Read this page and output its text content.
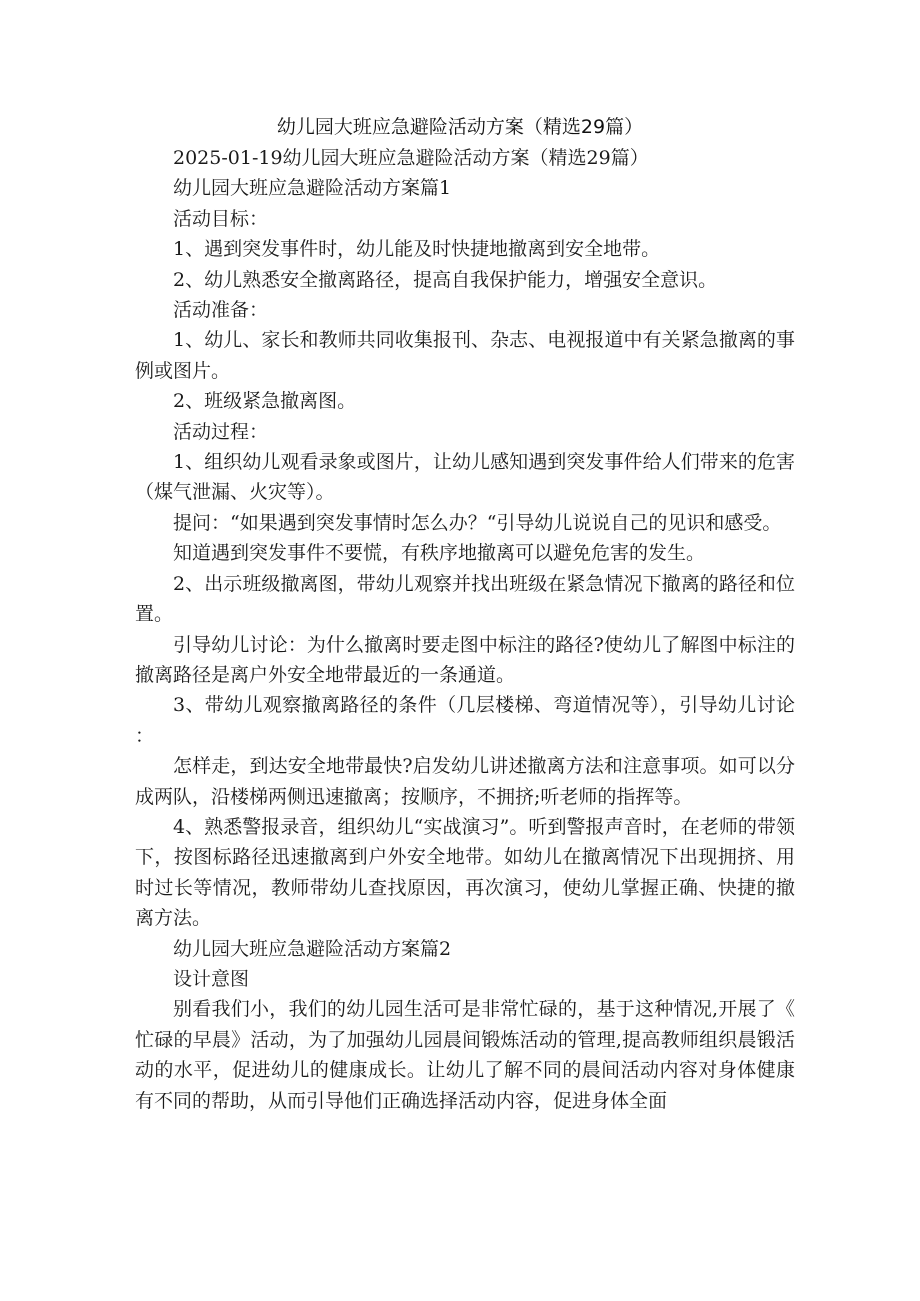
幼儿园大班应急避险活动方案（精选29篇）

2025-01-19幼儿园大班应急避险活动方案（精选29篇）

幼儿园大班应急避险活动方案篇1

活动目标：

1、遇到突发事件时，幼儿能及时快捷地撤离到安全地带。

2、幼儿熟悉安全撤离路径，提高自我保护能力，增强安全意识。

活动准备：

1、幼儿、家长和教师共同收集报刊、杂志、电视报道中有关紧急撤离的事例或图片。

2、班级紧急撤离图。

活动过程：

1、组织幼儿观看录象或图片，让幼儿感知遇到突发事件给人们带来的危害（煤气泄漏、火灾等）。

提问：“如果遇到突发事情时怎么办？“引导幼儿说说自己的见识和感受。

知道遇到突发事件不要慌，有秩序地撤离可以避免危害的发生。

2、出示班级撤离图，带幼儿观察并找出班级在紧急情况下撤离的路径和位置。

引导幼儿讨论：为什么撤离时要走图中标注的路径?使幼儿了解图中标注的撤离路径是离户外安全地带最近的一条通道。

3、带幼儿观察撤离路径的条件（几层楼梯、弯道情况等），引导幼儿讨论：

怎样走，到达安全地带最快?启发幼儿讲述撤离方法和注意事项。如可以分成两队，沿楼梯两侧迅速撤离；按顺序，不拥挤;听老师的指挥等。

4、熟悉警报录音，组织幼儿“实战演习”。听到警报声音时，在老师的带领下，按图标路径迅速撤离到户外安全地带。如幼儿在撤离情况下出现拥挤、用时过长等情况，教师带幼儿查找原因，再次演习，使幼儿掌握正确、快捷的撤离方法。

幼儿园大班应急避险活动方案篇2

设计意图

别看我们小，我们的幼儿园生活可是非常忙碌的，基于这种情况,开展了《忙碌的早晨》活动，为了加强幼儿园晨间锻炼活动的管理,提高教师组织晨锻活动的水平，促进幼儿的健康成长。让幼儿了解不同的晨间活动内容对身体健康有不同的帮助，从而引导他们正确选择活动内容，促进身体全面
